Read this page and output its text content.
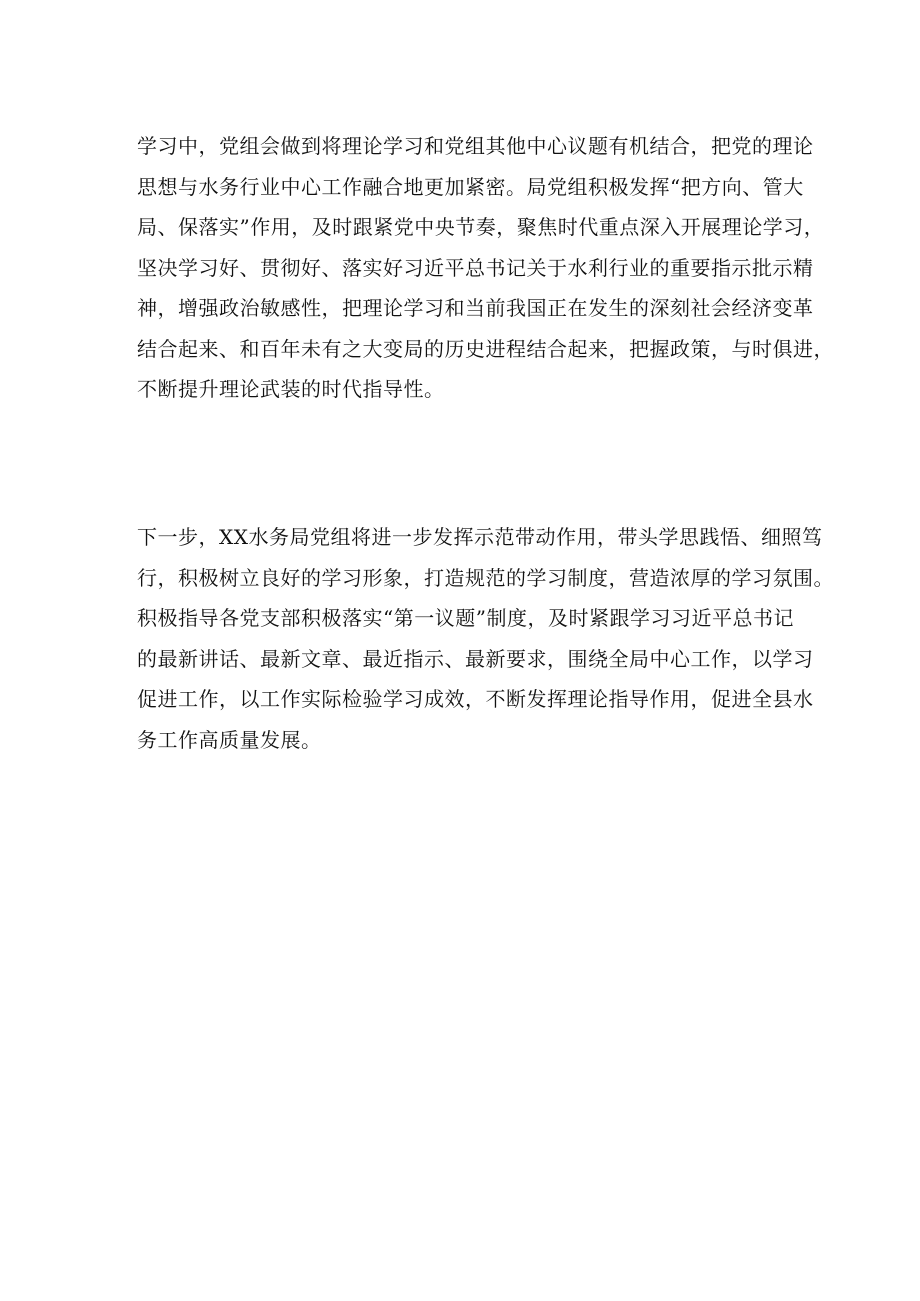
学习中，党组会做到将理论学习和党组其他中心议题有机结合，把党的理论
思想与水务行业中心工作融合地更加紧密。局党组积极发挥“把方向、管大
局、保落实”作用，及时跟紧党中央节奏，聚焦时代重点深入开展理论学习，
坚决学习好、贯彻好、落实好习近平总书记关于水利行业的重要指示批示精
神，增强政治敏感性，把理论学习和当前我国正在发生的深刻社会经济变革
结合起来、和百年未有之大变局的历史进程结合起来，把握政策，与时俱进，
不断提升理论武装的时代指导性。
下一步，XX水务局党组将进一步发挥示范带动作用，带头学思践悟、细照笃
行，积极树立良好的学习形象，打造规范的学习制度，营造浓厚的学习氛围。
积极指导各党支部积极落实“第一议题”制度，及时紧跟学习习近平总书记
的最新讲话、最新文章、最近指示、最新要求，围绕全局中心工作，以学习
促进工作，以工作实际检验学习成效，不断发挥理论指导作用，促进全县水
务工作高质量发展。
